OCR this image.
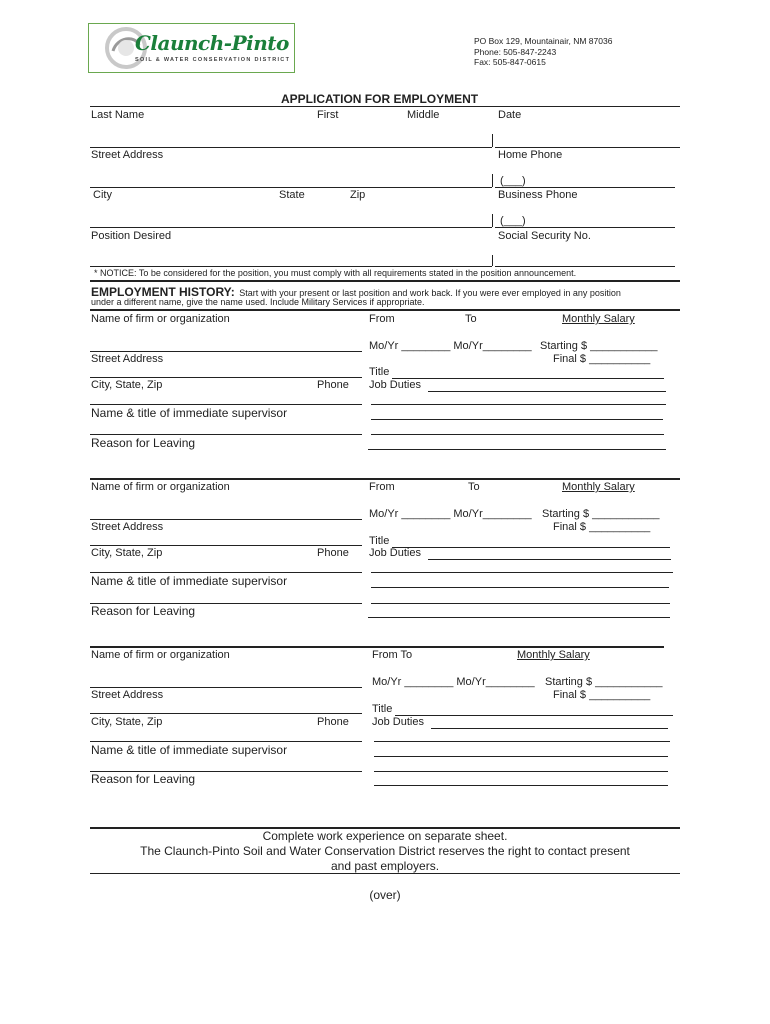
Claunch-Pinto
SOIL & WATER CONSERVATION DISTRICT
PO Box 129, Mountainair, NM 87036
Phone: 505-847-2243
Fax: 505-847-0615
APPLICATION FOR EMPLOYMENT
Last Name	First	Middle	Date
Street Address	Home Phone
(___)
City	State	Zip	Business Phone
(___)
Position Desired	Social Security No.
* NOTICE: To be considered for the position, you must comply with all requirements stated in the position announcement.
EMPLOYMENT HISTORY: Start with your present or last position and work back. If you were ever employed in any position
under a different name, give the name used. Include Military Services if appropriate.
Name of firm or organization	From	To	Monthly Salary
Mo/Yr ________ Mo/Yr________ Starting $ ___________
Street Address	Final $ __________
Title
City, State, Zip	Phone Job Duties
Name & title of immediate supervisor
Reason for Leaving
Name of firm or organization	From	To	Monthly Salary
Mo/Yr ________ Mo/Yr________ Starting $ ___________
Street Address	Final $ __________
Title
City, State, Zip	Phone Job Duties
Name & title of immediate supervisor
Reason for Leaving
Name of firm or organization	From To	Monthly Salary
Mo/Yr ________ Mo/Yr________ Starting $ ___________
Street Address	Final $ __________
Title
City, State, Zip	Phone Job Duties
Name & title of immediate supervisor
Reason for Leaving
Complete work experience on separate sheet.
The Claunch-Pinto Soil and Water Conservation District reserves the right to contact present
and past employers.
(over)
